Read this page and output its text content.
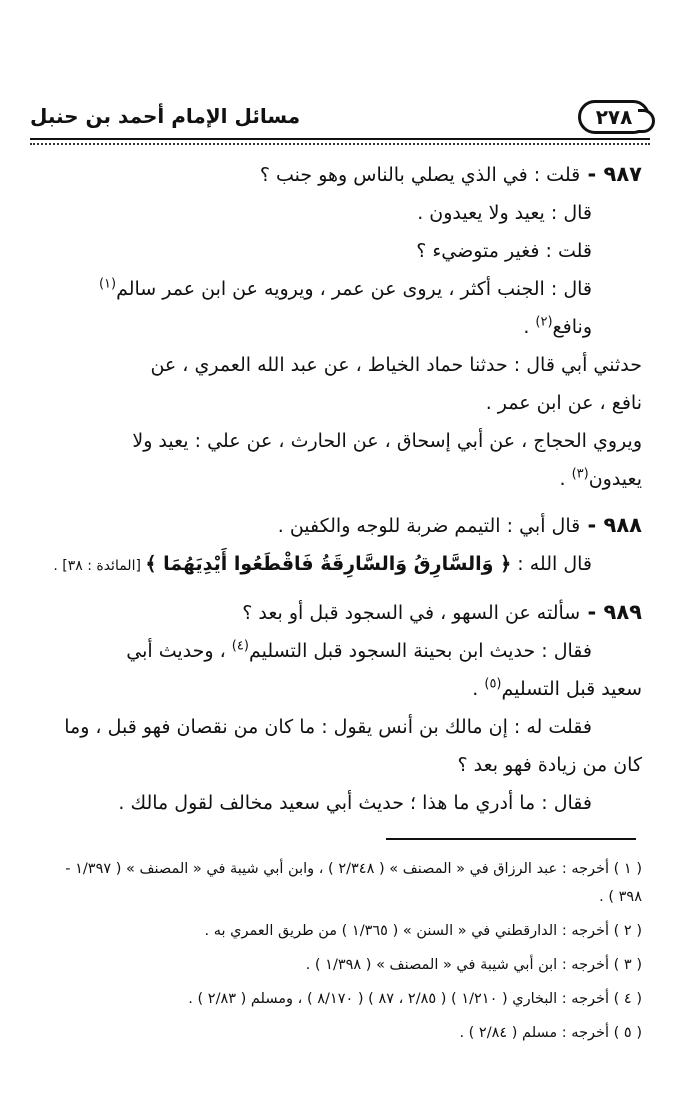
٢٧٨
مسائل الإمام أحمد بن حنبل
٩٨٧ - قلت : في الذي يصلي بالناس وهو جنب ؟
قال : يعيد ولا يعيدون .
قلت : فغير متوضيء ؟
قال : الجنب أكثر ، يروى عن عمر ، ويرويه عن ابن عمر سالم$^{(١)}$
ونافع$^{(٢)}$ .
حدثني أبي قال : حدثنا حماد الخياط ، عن عبد الله العمري ، عن
نافع ، عن ابن عمر .
ويروي الحجاج ، عن أبي إسحاق ، عن الحارث ، عن علي : يعيد ولا
يعيدون$^{(٣)}$ .
٩٨٨ - قال أبي : التيمم ضربة للوجه والكفين .
قال الله : ﴿ وَالسَّارِقُ وَالسَّارِقَةُ فَاقْطَعُوا أَيْدِيَهُمَا ﴾ [المائدة : ٣٨] .
٩٨٩ - سألته عن السهو ، في السجود قبل أو بعد ؟
فقال : حديث ابن بحينة السجود قبل التسليم$^{(٤)}$ ، وحديث أبي
سعيد قبل التسليم$^{(٥)}$ .
فقلت له : إن مالك بن أنس يقول : ما كان من نقصان فهو قبل ، وما
كان من زيادة فهو بعد ؟
فقال : ما أدري ما هذا ؛ حديث أبي سعيد مخالف لقول مالك .

( ١ ) أخرجه : عبد الرزاق في « المصنف » ( ٢/٣٤٨ ) ، وابن أبي شيبة في « المصنف » ( ١/٣٩٧ - ٣٩٨ ) .

( ٢ ) أخرجه : الدارقطني في « السنن » ( ١/٣٦٥ ) من طريق العمري به .

( ٣ ) أخرجه : ابن أبي شيبة في « المصنف » ( ١/٣٩٨ ) .

( ٤ ) أخرجه : البخاري ( ١/٢١٠ ) ( ٢/٨٥ ، ٨٧ ) ( ٨/١٧٠ ) ، ومسلم ( ٢/٨٣ ) .

( ٥ ) أخرجه : مسلم ( ٢/٨٤ ) .
